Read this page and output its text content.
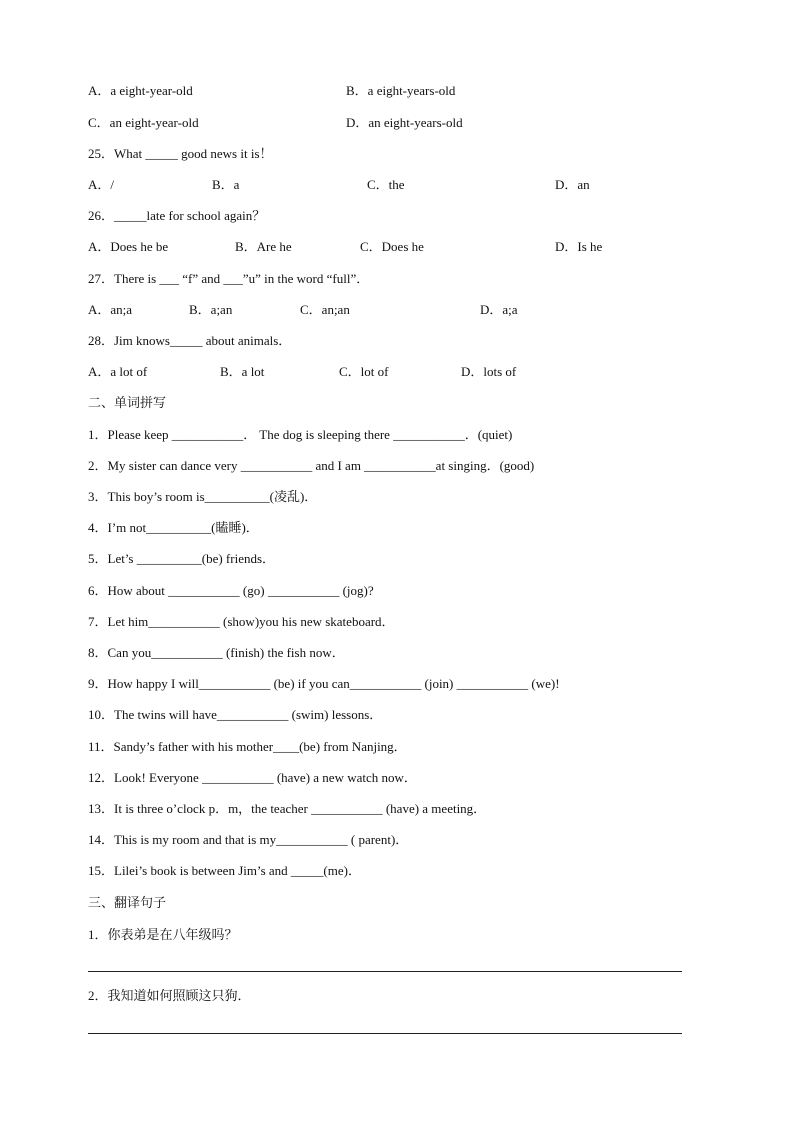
A．a eight-year-old	B．a eight-years-old
C．an eight-year-old	D．an eight-years-old
25．What _____ good news it is！
A．/	B．a	C．the	D．an
26．_____late for school again？
A．Does he be	B．Are he	C．Does he	D．Is he
27．There is ___ “f” and ___”u” in the word “full”．
A．an;a	B．a;an	C．an;an	D．a;a
28．Jim knows_____ about animals．
A．a lot of	B．a lot	C．lot of	D．lots of
二、单词拼写
1．Please keep ___________． The dog is sleeping there ___________．(quiet)
2．My sister can dance very ___________ and I am ___________at singing．(good)
3．This boy’s room is__________(凌乱)．
4．I’m not__________(瞌睡)．
5．Let’s __________(be) friends．
6．How about ___________ (go) ___________ (jog)?
7．Let him___________ (show)you his new skateboard．
8．Can you___________ (finish) the fish now．
9．How happy I will___________ (be) if you can___________ (join) ___________ (we)!
10．The twins will have___________ (swim) lessons．
11．Sandy’s father with his mother____(be) from Nanjing．
12．Look! Everyone ___________ (have) a new watch now．
13．It is three o’clock p．m，the teacher ___________ (have) a meeting．
14．This is my room and that is my___________ ( parent)．
15．Lilei’s book is between Jim’s and _____(me)．
三、翻译句子
1．你表弟是在八年级吗？
2．我知道如何照顾这只狗．
